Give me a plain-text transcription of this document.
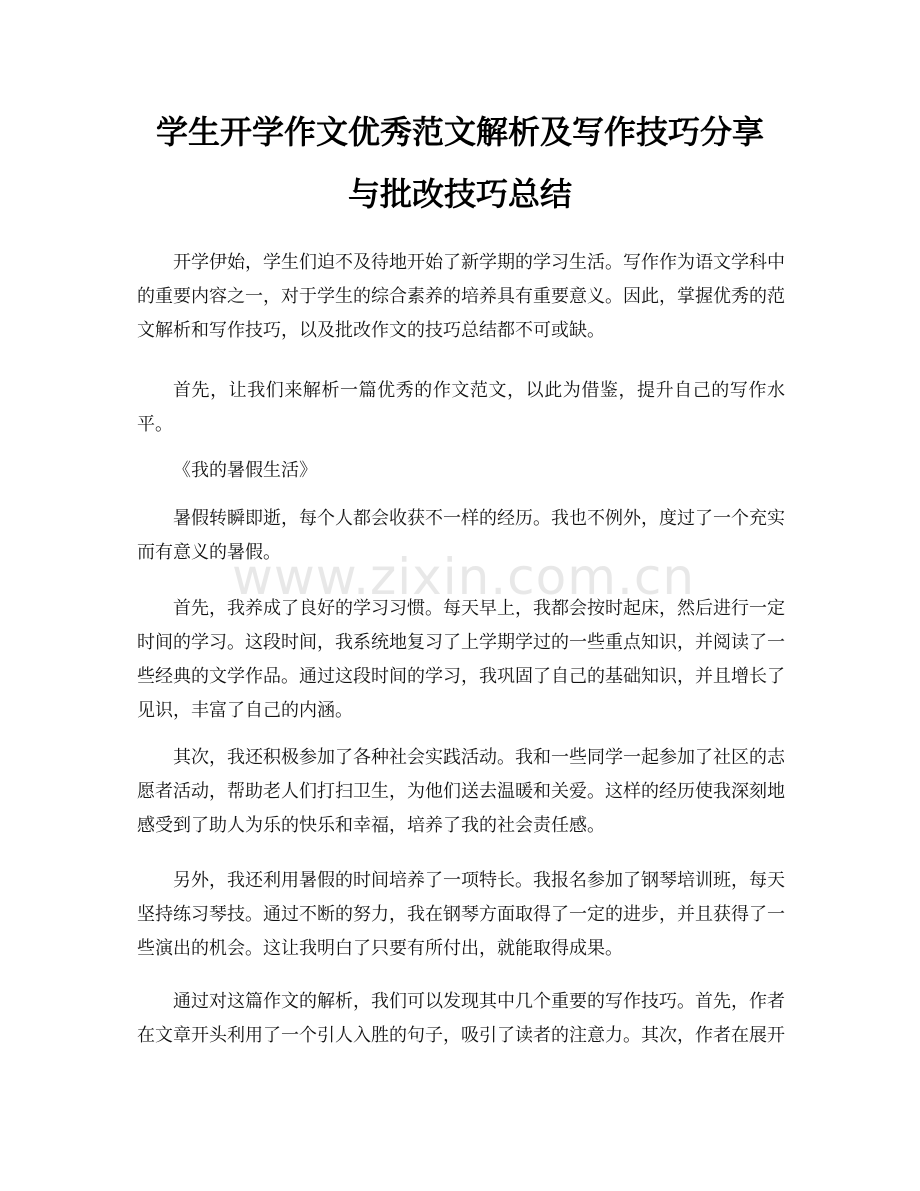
学生开学作文优秀范文解析及写作技巧分享
与批改技巧总结

开学伊始，学生们迫不及待地开始了新学期的学习生活。写作作为语文学科中的重要内容之一，对于学生的综合素养的培养具有重要意义。因此，掌握优秀的范文解析和写作技巧，以及批改作文的技巧总结都不可或缺。

首先，让我们来解析一篇优秀的作文范文，以此为借鉴，提升自己的写作水平。

《我的暑假生活》

暑假转瞬即逝，每个人都会收获不一样的经历。我也不例外，度过了一个充实而有意义的暑假。

首先，我养成了良好的学习习惯。每天早上，我都会按时起床，然后进行一定时间的学习。这段时间，我系统地复习了上学期学过的一些重点知识，并阅读了一些经典的文学作品。通过这段时间的学习，我巩固了自己的基础知识，并且增长了见识，丰富了自己的内涵。

其次，我还积极参加了各种社会实践活动。我和一些同学一起参加了社区的志愿者活动，帮助老人们打扫卫生，为他们送去温暖和关爱。这样的经历使我深刻地感受到了助人为乐的快乐和幸福，培养了我的社会责任感。

另外，我还利用暑假的时间培养了一项特长。我报名参加了钢琴培训班，每天坚持练习琴技。通过不断的努力，我在钢琴方面取得了一定的进步，并且获得了一些演出的机会。这让我明白了只要有所付出，就能取得成果。

通过对这篇作文的解析，我们可以发现其中几个重要的写作技巧。首先，作者在文章开头利用了一个引人入胜的句子，吸引了读者的注意力。其次，作者在展开

www.zixin.com.cn
